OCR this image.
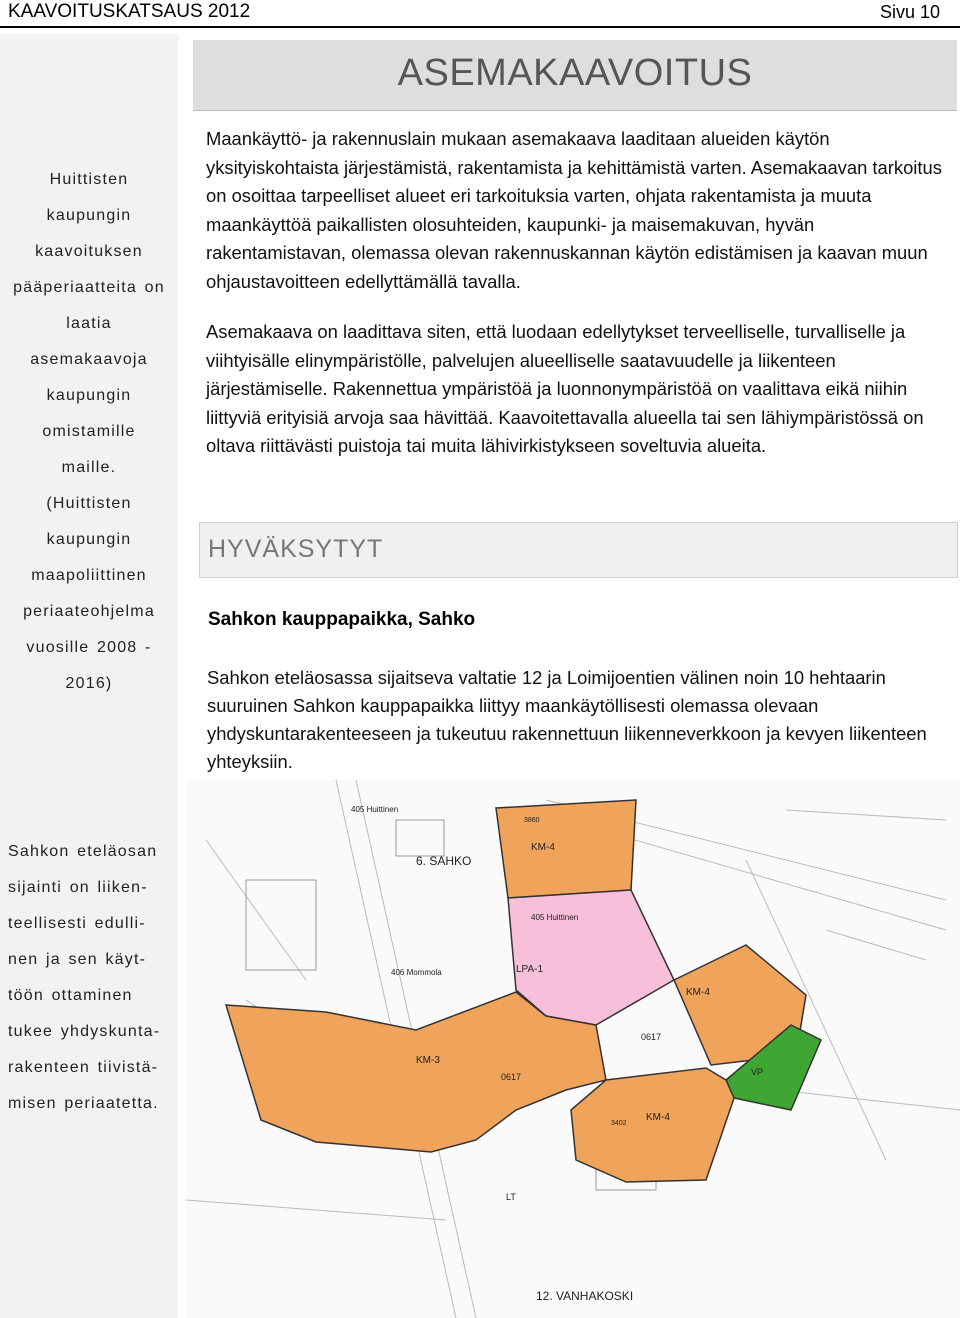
KAAVOITUSKATSAUS 2012	Sivu 10
Huittisten
kaupungin
kaavoituksen
pääperiaatteita on
laatia
asemakaavoja
kaupungin
omistamille
maille.
(Huittisten
kaupungin
maapoliittinen
periaateohjelma
vuosille 2008 -
2016)
Sahkon eteläosan
sijainti on liiken-
teellisesti edulli-
nen ja sen käyt-
töön ottaminen
tukee yhdyskunta-
rakenteen tiivistä-
misen periaatetta.
ASEMAKAAVOITUS
Maankäyttö- ja rakennuslain mukaan asemakaava laaditaan alueiden käytön yksityiskohtaista järjestämistä, rakentamista ja kehittämistä varten. Asemakaavan tarkoitus on osoittaa tarpeelliset alueet eri tarkoituksia varten, ohjata rakentamista ja muuta maankäyttöä paikallisten olosuhteiden, kaupunki- ja maisemakuvan, hyvän rakentamistavan, olemassa olevan rakennuskannan käytön edistämisen ja kaavan muun ohjaustavoitteen edellyttämällä tavalla.
Asemakaava on laadittava siten, että luodaan edellytykset terveelliselle, turvalliselle ja viihtyisälle elinympäristölle, palvelujen alueelliselle saatavuudelle ja liikenteen järjestämiselle. Rakennettua ympäristöä ja luonnonympäristöä on vaalittava eikä niihin liittyviä erityisiä arvoja saa hävittää. Kaavoitettavalla alueella tai sen lähiympäristössä on oltava riittävästi puistoja tai muita lähivirkistykseen soveltuvia alueita.
HYVÄKSYTYT
Sahkon kauppapaikka, Sahko
Sahkon eteläosassa sijaitseva valtatie 12 ja Loimijoentien välinen noin 10 hehtaarin suuruinen Sahkon kauppapaikka liittyy maankäytöllisesti olemassa olevaan yhdyskuntarakenteeseen ja tukeutuu rakennettuun liikenneverkkoon ja kevyen liikenteen yhteyksiin.
6. SAHKO
405 Huittinen
405 Huittinen
406 Mommola
KM-4
3860
LPA-1
KM-4
0617
VP
KM-3
0617
3402
KM-4
LT
12. VANHAKOSKI
